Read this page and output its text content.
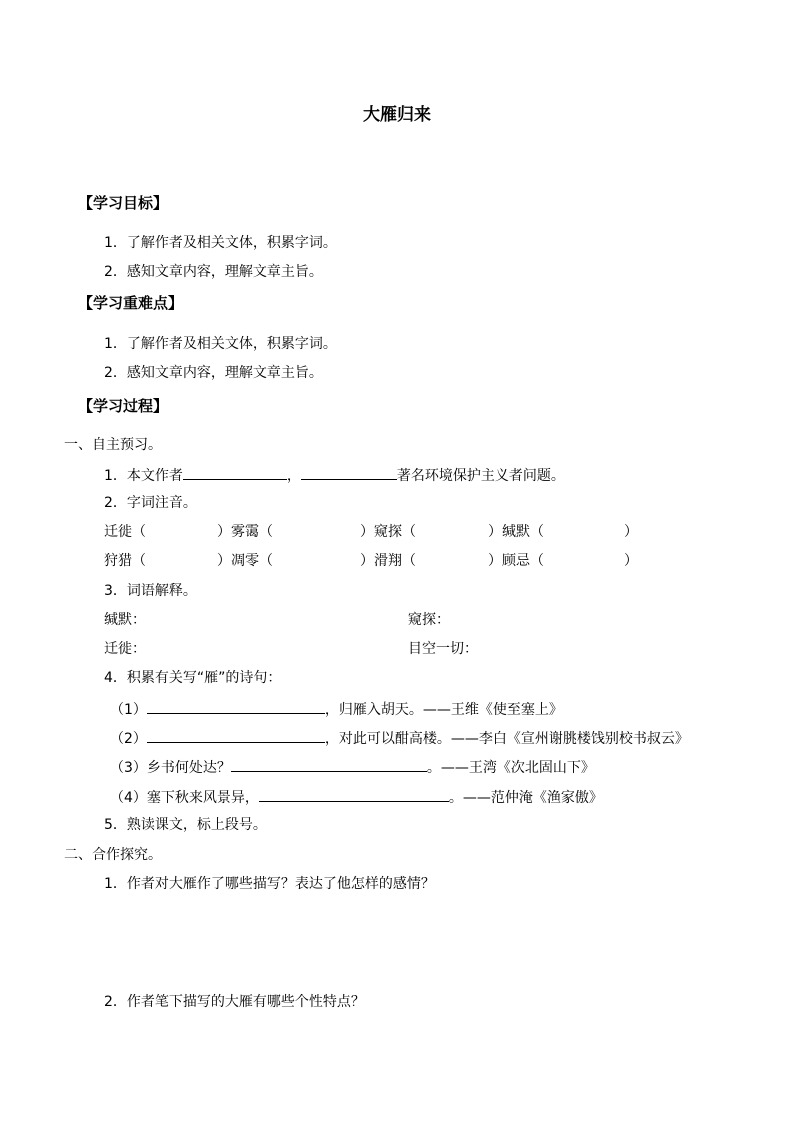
大雁归来
【学习目标】
1．了解作者及相关文体，积累字词。
2．感知文章内容，理解文章主旨。
【学习重难点】
1．了解作者及相关文体，积累字词。
2．感知文章内容，理解文章主旨。
【学习过程】
一、自主预习。
1．本文作者	，	著名环境保护主义者问题。
2．字词注音。
迁徙（	）雾霭（	）窥探（	）缄默（	）
狩猎（	）凋零（	）滑翔（	）顾忌（	）
3．词语解释。
缄默：	窥探：
迁徙：	目空一切：
4．积累有关写“雁”的诗句：
（1）	，归雁入胡天。——王维《使至塞上》
（2）	，对此可以酣高楼。——李白《宣州谢朓楼饯别校书叔云》
（3）乡书何处达？	。——王湾《次北固山下》
（4）塞下秋来风景异，	。——范仲淹《渔家傲》
5．熟读课文，标上段号。
二、合作探究。
1．作者对大雁作了哪些描写？表达了他怎样的感情？
2．作者笔下描写的大雁有哪些个性特点？
